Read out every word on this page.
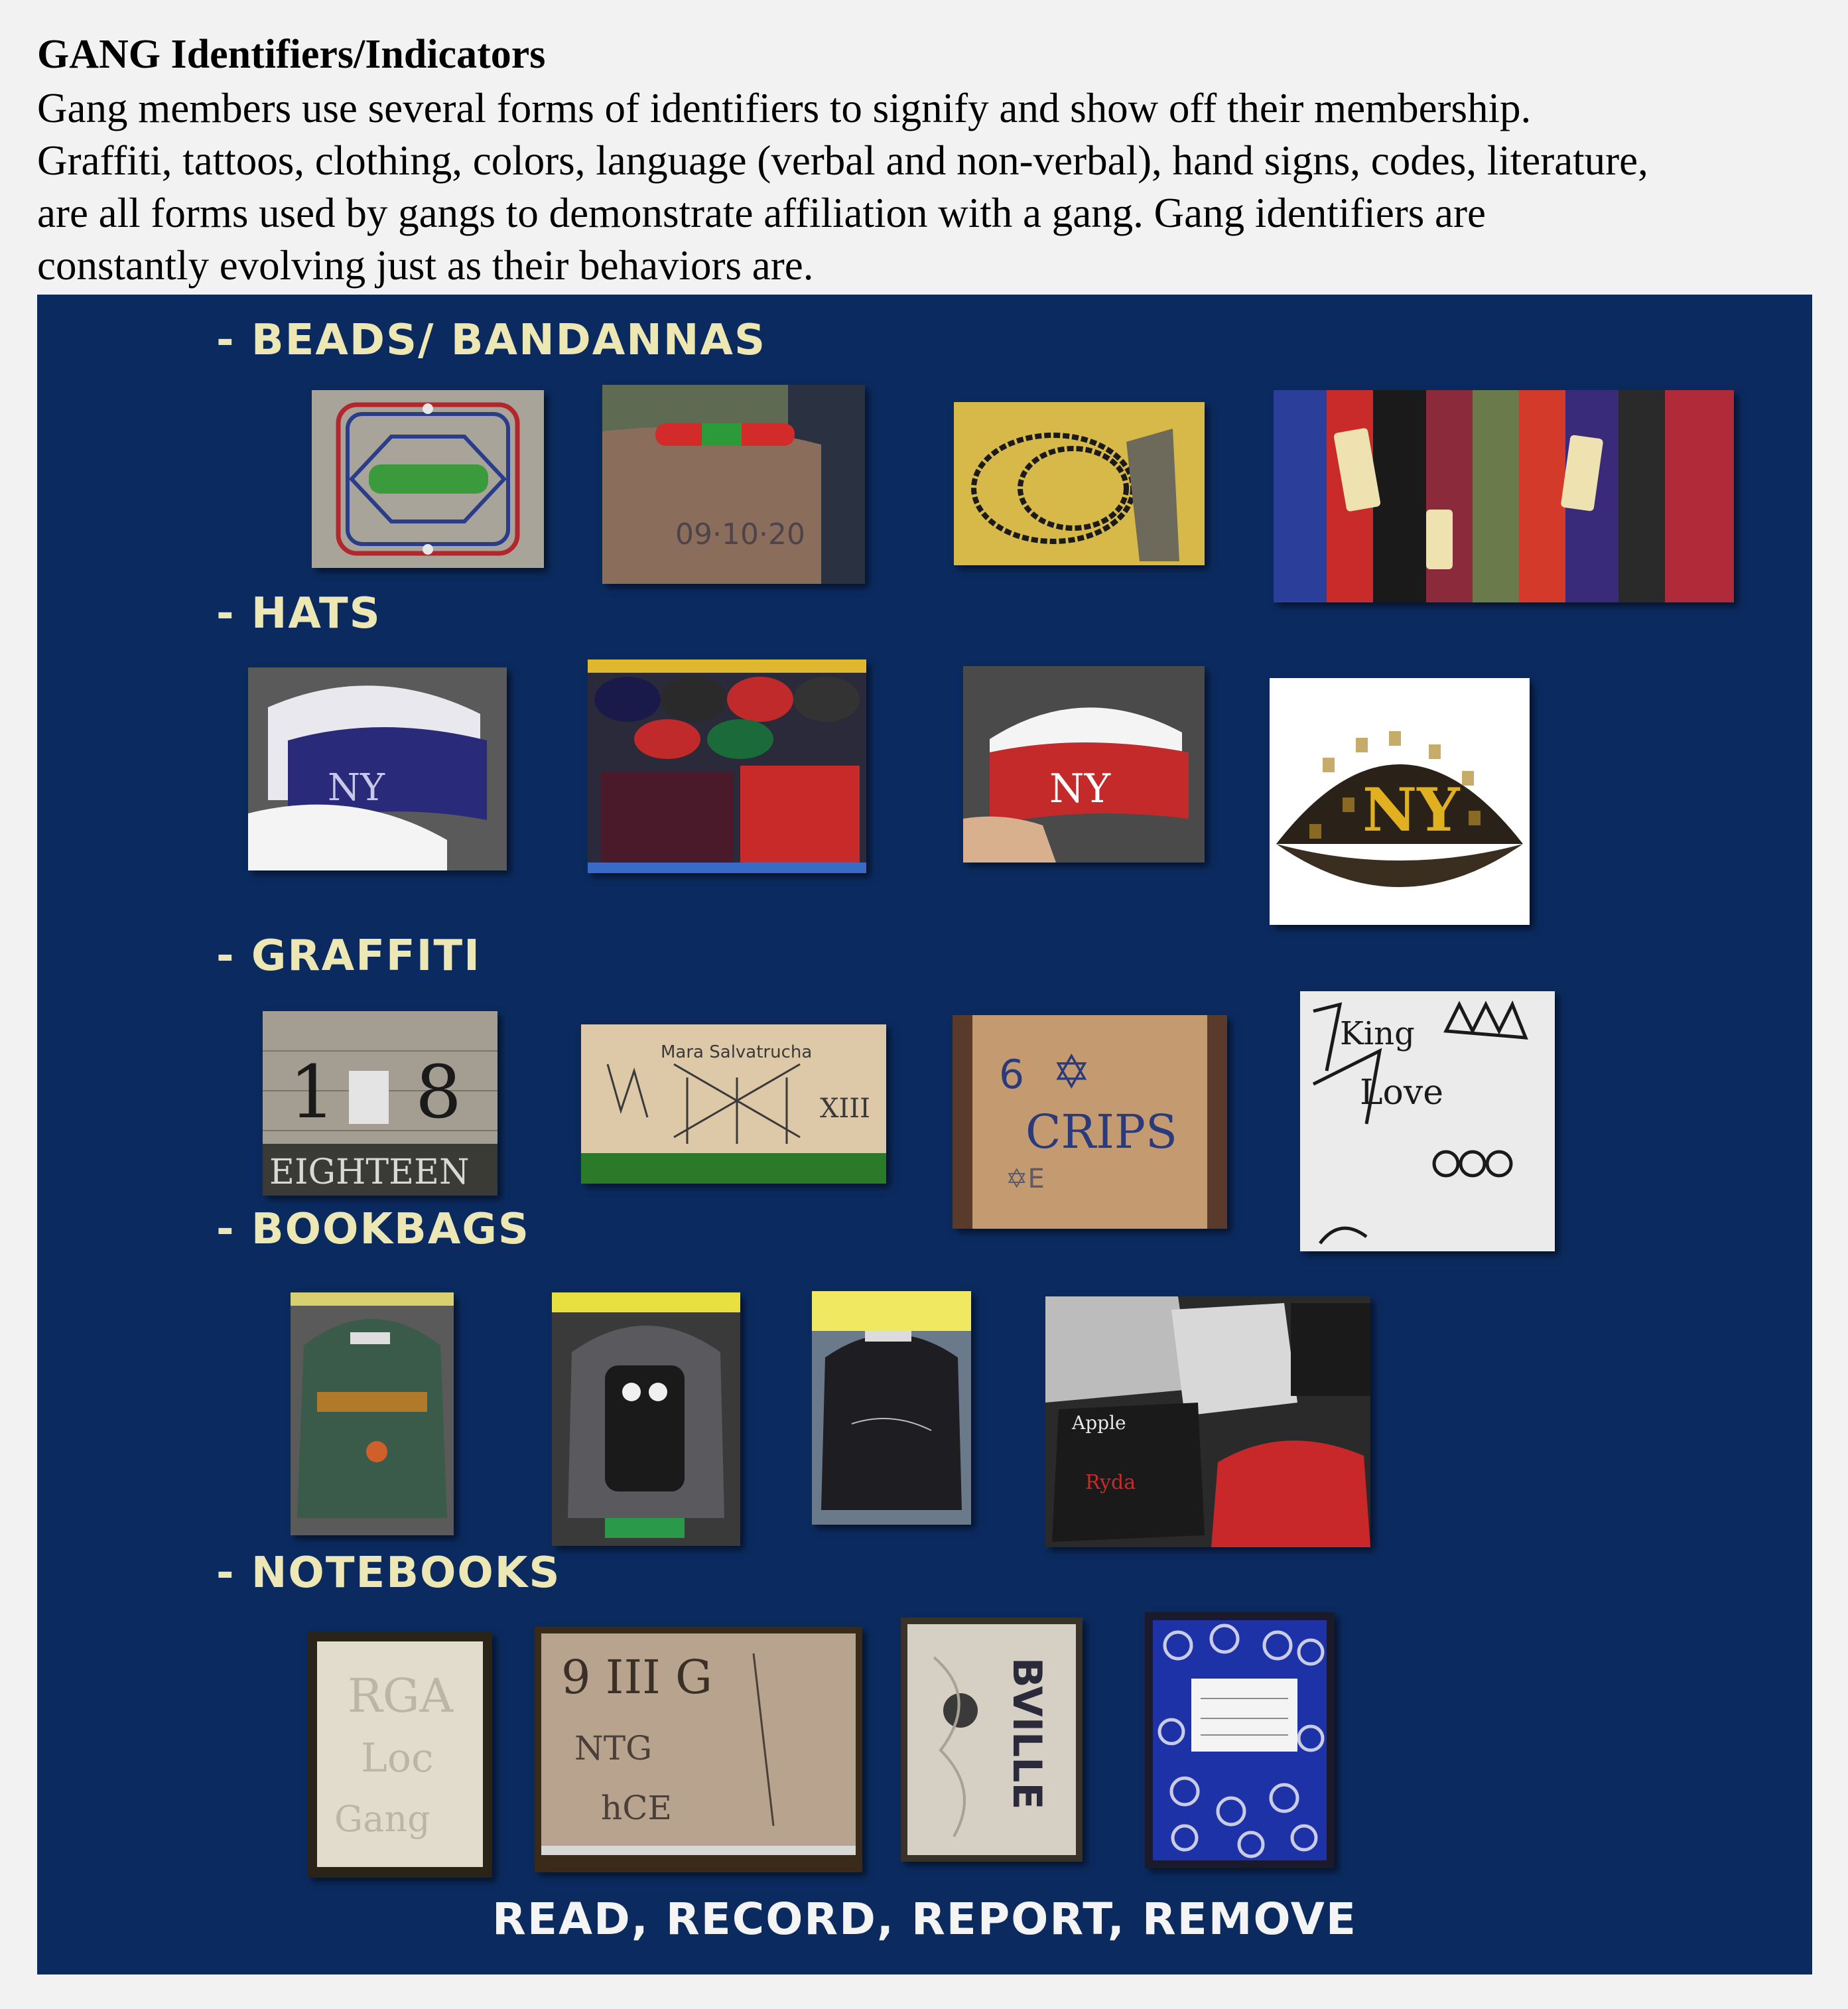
GANG Identifiers/Indicators
Gang members use several forms of identifiers to signify and show off their membership.
Graffiti, tattoos, clothing, colors, language (verbal and non-verbal), hand signs, codes, literature,
are all forms used by gangs to demonstrate affiliation with a gang. Gang identifiers are
constantly evolving just as their behaviors are.
- BEADS/ BANDANNAS
- HATS
- GRAFFITI
- BOOKBAGS
- NOTEBOOKS
09·10·20
NY	NY	NY
1 8
EIGHTEEN
Mara Salvatrucha
XIII
6 ✡
CRIPS
✡E
King
Love
Apple
Ryda
RGA
Loc
Gang
9 III G
NTG
hCE	BVILLE
READ, RECORD, REPORT, REMOVE
